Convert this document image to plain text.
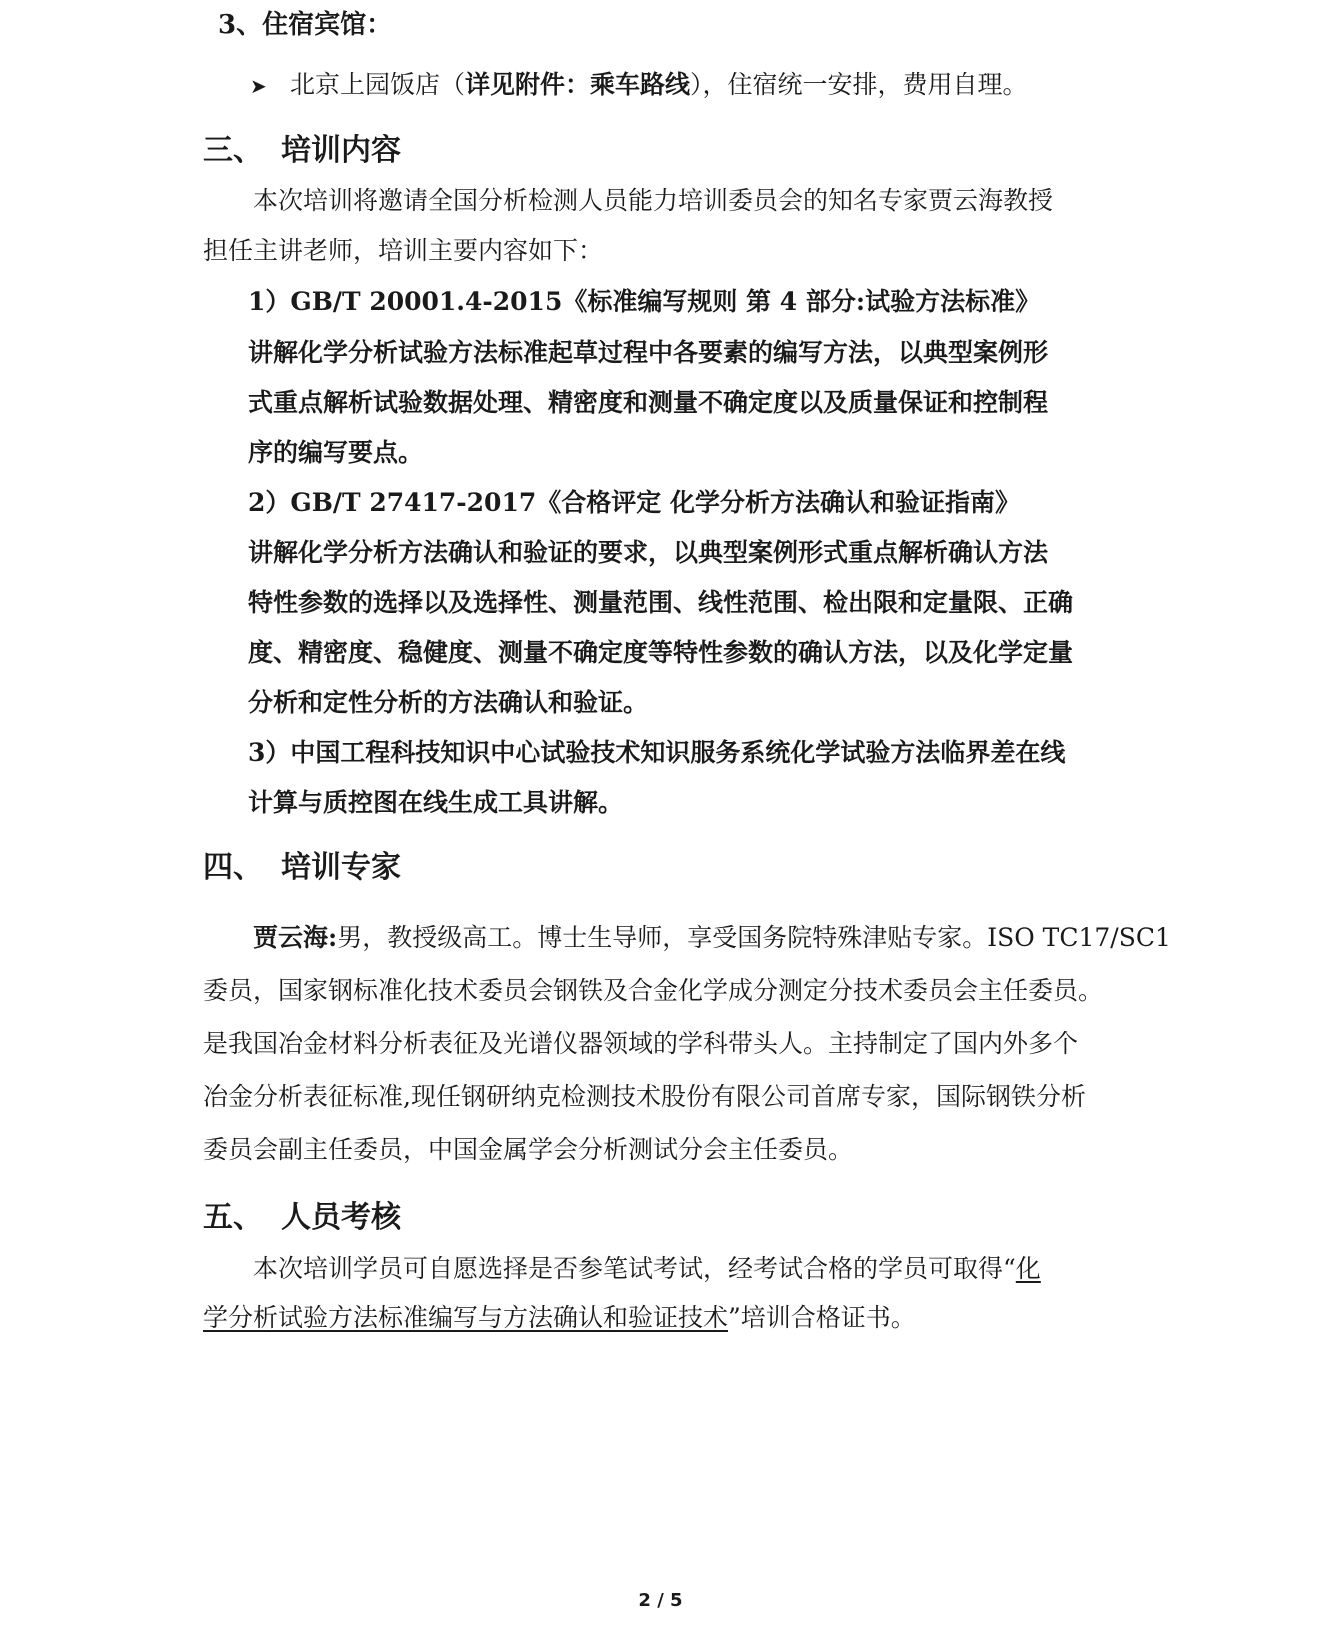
3、住宿宾馆：
➤ 北京上园饭店（详见附件：乘车路线），住宿统一安排，费用自理。
三、 培训内容
本次培训将邀请全国分析检测人员能力培训委员会的知名专家贾云海教授
担任主讲老师，培训主要内容如下：
1）GB/T 20001.4-2015《标准编写规则 第 4 部分:试验方法标准》
讲解化学分析试验方法标准起草过程中各要素的编写方法，以典型案例形
式重点解析试验数据处理、精密度和测量不确定度以及质量保证和控制程
序的编写要点。
2）GB/T 27417-2017《合格评定 化学分析方法确认和验证指南》
讲解化学分析方法确认和验证的要求，以典型案例形式重点解析确认方法
特性参数的选择以及选择性、测量范围、线性范围、检出限和定量限、正确
度、精密度、稳健度、测量不确定度等特性参数的确认方法，以及化学定量
分析和定性分析的方法确认和验证。
3）中国工程科技知识中心试验技术知识服务系统化学试验方法临界差在线
计算与质控图在线生成工具讲解。
四、 培训专家
贾云海:男，教授级高工。博士生导师，享受国务院特殊津贴专家。ISO TC17/SC1
委员，国家钢标准化技术委员会钢铁及合金化学成分测定分技术委员会主任委员。
是我国冶金材料分析表征及光谱仪器领域的学科带头人。主持制定了国内外多个
冶金分析表征标准,现任钢研纳克检测技术股份有限公司首席专家，国际钢铁分析
委员会副主任委员，中国金属学会分析测试分会主任委员。
五、 人员考核
本次培训学员可自愿选择是否参笔试考试，经考试合格的学员可取得“化
学分析试验方法标准编写与方法确认和验证技术”培训合格证书。
2 / 5
